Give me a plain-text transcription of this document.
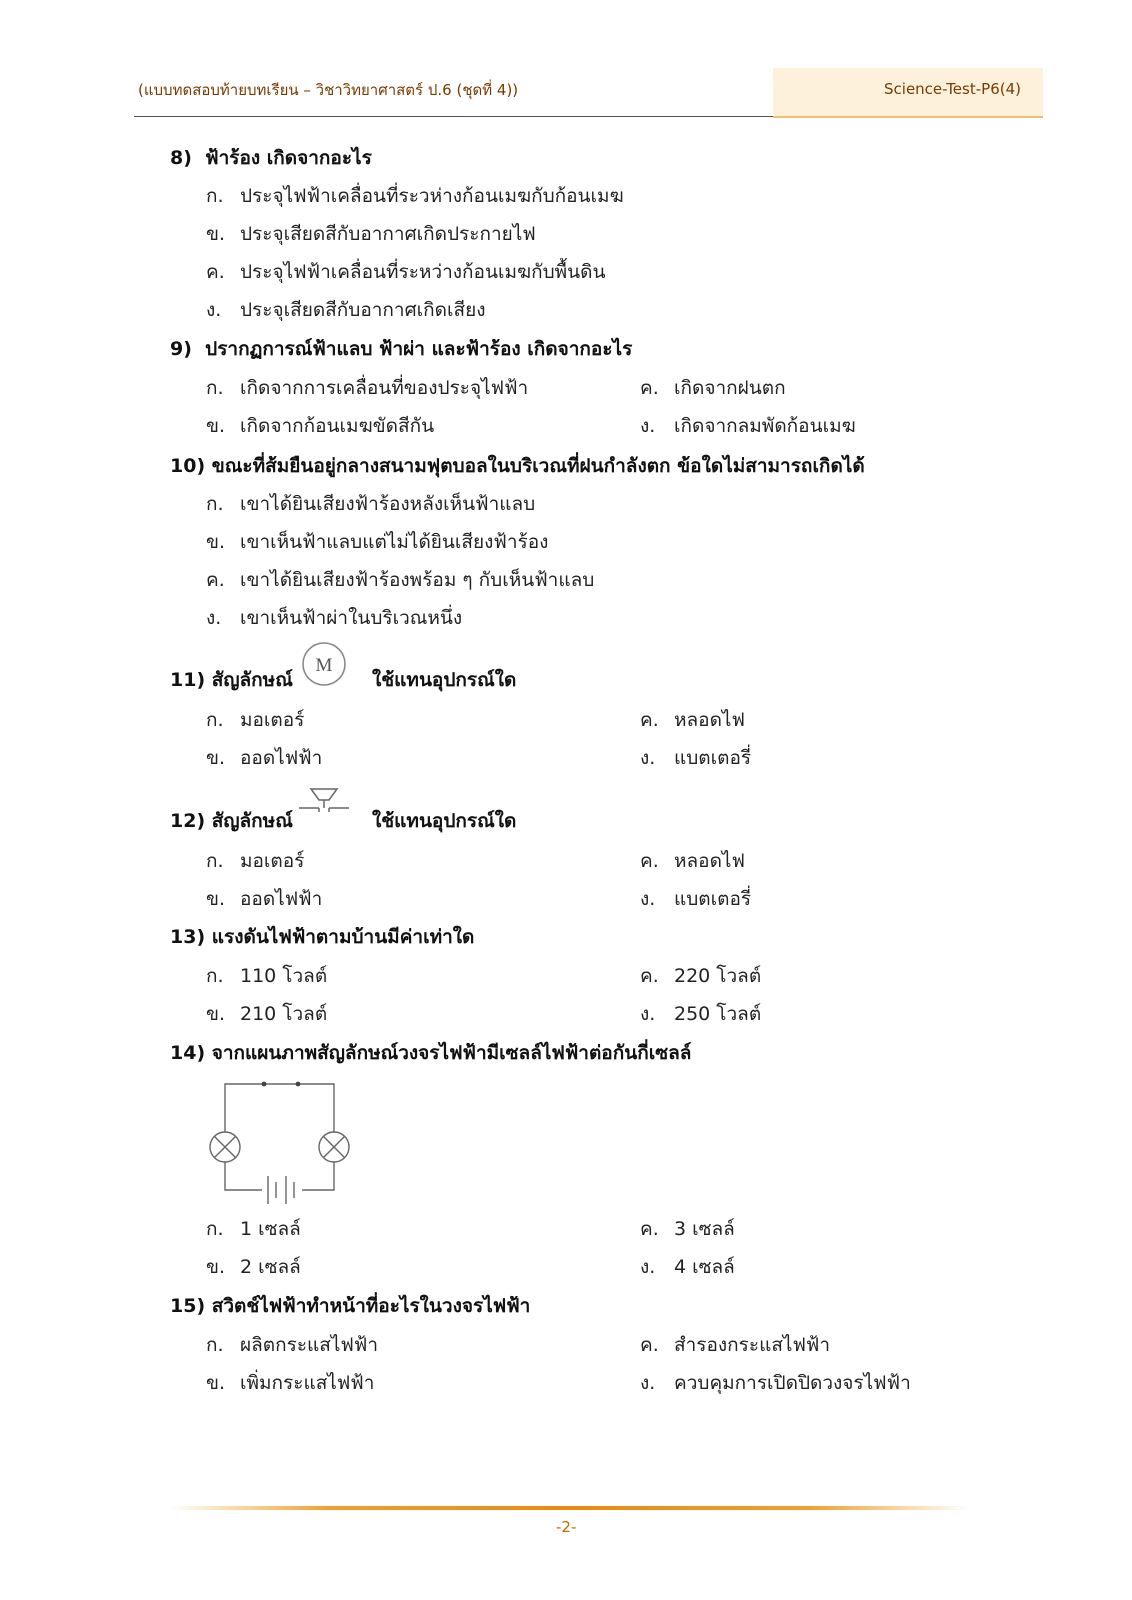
(แบบทดสอบท้ายบทเรียน – วิชาวิทยาศาสตร์ ป.6 (ชุดที่ 4))	Science-Test-P6(4)
8) ฟ้าร้อง เกิดจากอะไร
ก. ประจุไฟฟ้าเคลื่อนที่ระวห่างก้อนเมฆกับก้อนเมฆ
ข. ประจุเสียดสีกับอากาศเกิดประกายไฟ
ค. ประจุไฟฟ้าเคลื่อนที่ระหว่างก้อนเมฆกับพื้นดิน
ง. ประจุเสียดสีกับอากาศเกิดเสียง
9) ปรากฏการณ์ฟ้าแลบ ฟ้าผ่า และฟ้าร้อง เกิดจากอะไร
ก. เกิดจากการเคลื่อนที่ของประจุไฟฟ้า	ค. เกิดจากฝนตก
ข. เกิดจากก้อนเมฆขัดสีกัน	ง. เกิดจากลมพัดก้อนเมฆ
10) ขณะที่ส้มยืนอยู่กลางสนามฟุตบอลในบริเวณที่ฝนกำลังตก ข้อใดไม่สามารถเกิดได้
ก. เขาได้ยินเสียงฟ้าร้องหลังเห็นฟ้าแลบ
ข. เขาเห็นฟ้าแลบแต่ไม่ได้ยินเสียงฟ้าร้อง
ค. เขาได้ยินเสียงฟ้าร้องพร้อม ๆ กับเห็นฟ้าแลบ
ง. เขาเห็นฟ้าผ่าในบริเวณหนึ่ง
11) สัญลักษณ์
M
ใช้แทนอุปกรณ์ใด
ก. มอเตอร์	ค. หลอดไฟ
ข. ออดไฟฟ้า	ง. แบตเตอรี่
12) สัญลักษณ์	ใช้แทนอุปกรณ์ใด
ก. มอเตอร์	ค. หลอดไฟ
ข. ออดไฟฟ้า	ง. แบตเตอรี่
13) แรงดันไฟฟ้าตามบ้านมีค่าเท่าใด
ก. 110 โวลต์	ค. 220 โวลต์
ข. 210 โวลต์	ง. 250 โวลต์
14) จากแผนภาพสัญลักษณ์วงจรไฟฟ้ามีเซลล์ไฟฟ้าต่อกันกี่เซลล์
ก. 1 เซลล์	ค. 3 เซลล์
ข. 2 เซลล์	ง. 4 เซลล์
15) สวิตช์ไฟฟ้าทำหน้าที่อะไรในวงจรไฟฟ้า
ก. ผลิตกระแสไฟฟ้า	ค. สำรองกระแสไฟฟ้า
ข. เพิ่มกระแสไฟฟ้า	ง. ควบคุมการเปิดปิดวงจรไฟฟ้า
-2-
